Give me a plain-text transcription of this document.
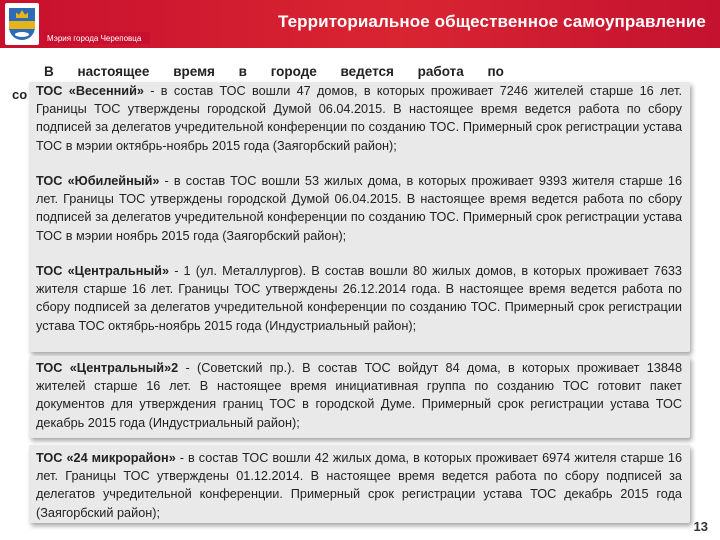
Мэрия города Череповца
Территориальное общественное самоуправление
В настоящее время в городе ведется работа по
со ТОС «Весенний» - в состав ТОС вошли 47 домов, в которых проживает 7246 жителей старше 16 лет. Границы ТОС утверждены городской Думой 06.04.2015. В настоящее время ведется работа по сбору подписей за делегатов учредительной конференции по созданию ТОС. Примерный срок регистрации устава ТОС в мэрии октябрь-ноябрь 2015 года (Заягорбский район);
ТОС «Юбилейный» - в состав ТОС вошли 53 жилых дома, в которых проживает 9393 жителя старше 16 лет. Границы ТОС утверждены городской Думой 06.04.2015. В настоящее время ведется работа по сбору подписей за делегатов учредительной конференции по созданию ТОС. Примерный срок регистрации устава ТОС в мэрии ноябрь 2015 года (Заягорбский район);
ТОС «Центральный» - 1 (ул. Металлургов). В состав вошли 80 жилых домов, в которых проживает 7633 жителя старше 16 лет. Границы ТОС утверждены 26.12.2014 года. В настоящее время ведется работа по сбору подписей за делегатов учредительной конференции по созданию ТОС. Примерный срок регистрации устава ТОС октябрь-ноябрь 2015 года (Индустриальный район);
ТОС «Центральный»2 - (Советский пр.). В состав ТОС войдут 84 дома, в которых проживает 13848 жителей старше 16 лет. В настоящее время инициативная группа по созданию ТОС готовит пакет документов для утверждения границ ТОС в городской Думе. Примерный срок регистрации устава ТОС декабрь 2015 года (Индустриальный район);
ТОС «24 микрорайон» - в состав ТОС вошли 42 жилых дома, в которых проживает 6974 жителя старше 16 лет. Границы ТОС утверждены 01.12.2014. В настоящее время ведется работа по сбору подписей за делегатов учредительной конференции. Примерный срок регистрации устава ТОС декабрь 2015 года (Заягорбский район);
13
